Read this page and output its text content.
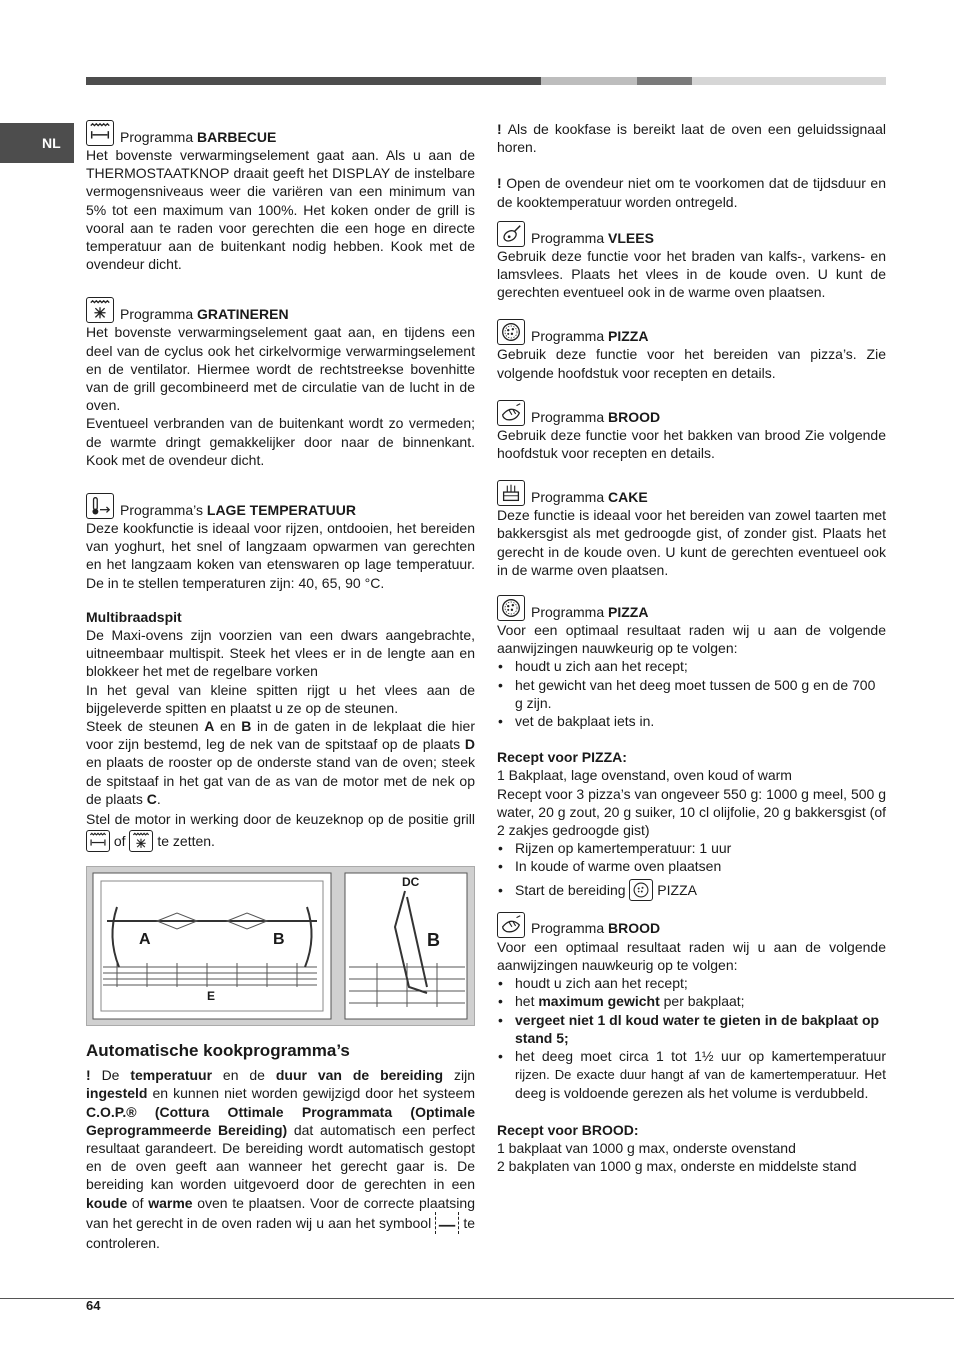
NL	Programma BARBECUE

Het bovenste verwarmingselement gaat aan. Als u aan de THERMOSTAATKNOP draait geeft het DISPLAY de instelbare vermogensniveaus weer die variëren van een minimum van 5% tot een maximum van 100%. Het koken onder de grill is vooral aan te raden voor gerechten die een hoge en directe temperatuur aan de buitenkant nodig hebben. Kook met de ovendeur dicht.

Programma GRATINEREN

Het bovenste verwarmingselement gaat aan, en tijdens een deel van de cyclus ook het cirkelvormige verwarmingselement en de ventilator. Hiermee wordt de rechtstreekse bovenhitte van de grill gecombineerd met de circulatie van de lucht in de oven.

Eventueel verbranden van de buitenkant wordt zo vermeden; de warmte dringt gemakkelijker door naar de binnenkant. Kook met de ovendeur dicht.

Programma’s LAGE TEMPERATUUR

Deze kookfunctie is ideaal voor rijzen, ontdooien, het bereiden van yoghurt, het snel of langzaam opwarmen van gerechten en het langzaam koken van etenswaren op lage temperatuur. De in te stellen temperaturen zijn: 40, 65, 90 °C.

Multibraadspit

De Maxi-ovens zijn voorzien van een dwars aangebrachte, uitneembaar multispit. Steek het vlees er in de lengte aan en blokkeer het met de regelbare vorken

In het geval van kleine spitten rijgt u het vlees aan de bijgeleverde spitten en plaatst u ze op de steunen.

Steek de steunen A en B in de gaten in de lekplaat die hier voor zijn bestemd, leg de nek van de spitstaaf op de plaats D en plaats de rooster op de onderste stand van de oven; steek de spitstaaf in het gat van de as van de motor met de nek op de plaats C.

Stel de motor in werking door de keuzeknop op de positie grill
of
te zetten.

A	B
E
DC
B
Automatische kookprogramma’s

! De temperatuur en de duur van de bereiding zijn ingesteld en kunnen niet worden gewijzigd door het systeem C.O.P.® (Cottura Ottimale Programmata (Optimale Geprogrammeerde Bereiding) dat automatisch een perfect resultaat garandeert. De bereiding wordt automatisch gestopt en de oven geeft aan wanneer het gerecht gaar is. De bereiding kan worden uitgevoerd door de gerechten in een koude of warme oven te plaatsen. Voor de correcte plaatsing van het gerecht in de oven raden wij u aan het symbool
te controleren.

! Als de kookfase is bereikt laat de oven een geluidssignaal horen.

! Open de ovendeur niet om te voorkomen dat de tijdsduur en de kooktemperatuur worden ontregeld.

Programma VLEES

Gebruik deze functie voor het braden van kalfs-, varkens- en lamsvlees. Plaats het vlees in de koude oven. U kunt de gerechten eventueel ook in de warme oven plaatsen.

Programma PIZZA

Gebruik deze functie voor het bereiden van pizza’s. Zie volgende hoofdstuk voor recepten en details.

Programma BROOD

Gebruik deze functie voor het bakken van brood Zie volgende hoofdstuk voor recepten en details.

Programma CAKE

Deze functie is ideaal voor het bereiden van zowel taarten met bakkersgist als met gedroogde gist, of zonder gist. Plaats het gerecht in de koude oven. U kunt de gerechten eventueel ook in de warme oven plaatsen.

Programma PIZZA

Voor een optimaal resultaat raden wij u aan de volgende aanwijzingen nauwkeurig op te volgen:

• houdt u zich aan het recept;
• het gewicht van het deeg moet tussen de 500 g en de 700 g zijn.
• vet de bakplaat iets in.

Recept voor PIZZA:

1 Bakplaat, lage ovenstand, oven koud of warm

Recept voor 3 pizza’s van ongeveer 550 g: 1000 g meel, 500 g water, 20 g zout, 20 g suiker, 10 cl olijfolie, 20 g bakkersgist (of 2 zakjes gedroogde gist)

• Rijzen op kamertemperatuur: 1 uur
• In koude of warme oven plaatsen
• Start de bereiding
PIZZA
Programma BROOD

Voor een optimaal resultaat raden wij u aan de volgende aanwijzingen nauwkeurig op te volgen:

• houdt u zich aan het recept;
• het maximum gewicht per bakplaat;
• vergeet niet 1 dl koud water te gieten in de bakplaat op stand 5;
• het deeg moet circa 1 tot 1½ uur op kamertemperatuur rijzen. De exacte duur hangt af van de kamertemperatuur. Het deeg is voldoende gerezen als het volume is verdubbeld.

Recept voor BROOD:

1 bakplaat van 1000 g max, onderste ovenstand

2 bakplaten van 1000 g max, onderste en middelste stand

64
